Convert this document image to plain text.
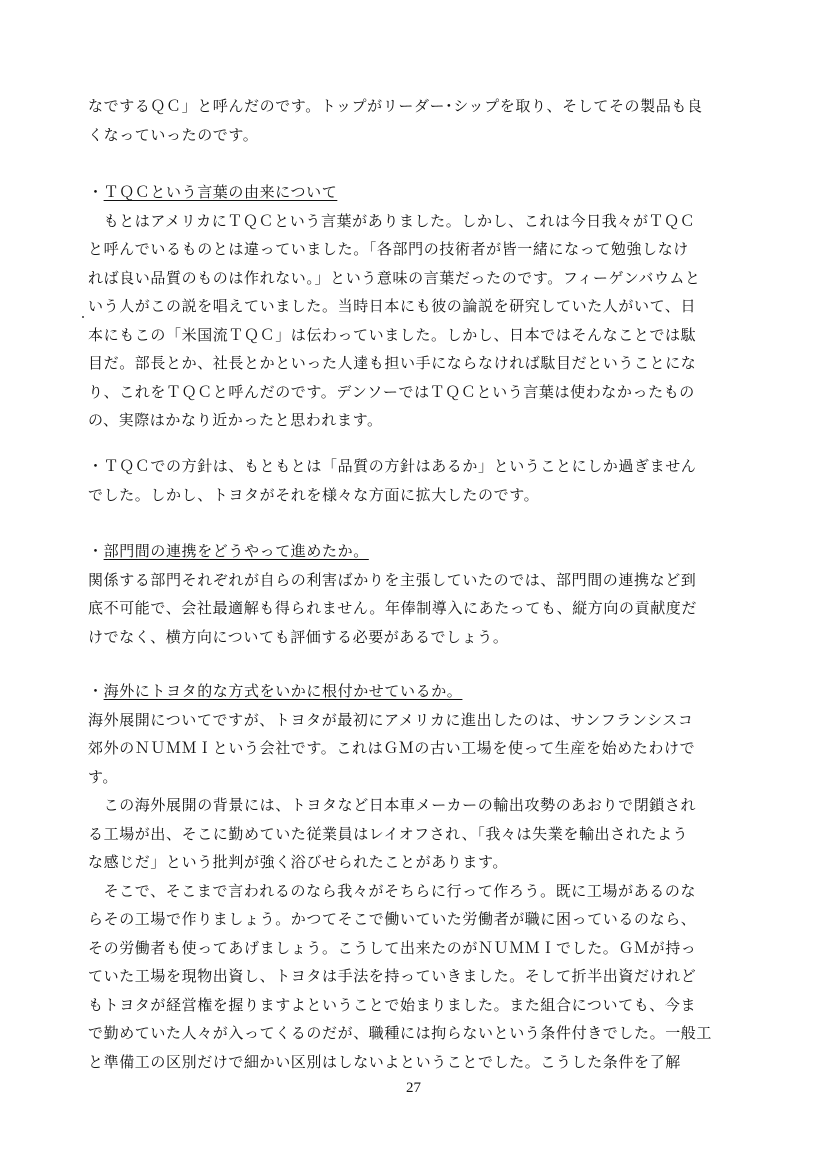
なでするＱＣ」と呼んだのです。トップがリーダー･シップを取り、そしてその製品も良
くなっていったのです。
・ＴＱＣという言葉の由来について
　もとはアメリカにＴＱＣという言葉がありました。しかし、これは今日我々がＴＱＣ
と呼んでいるものとは違っていました。「各部門の技術者が皆一緒になって勉強しなけ
れば良い品質のものは作れない。」という意味の言葉だったのです。フィーゲンバウムと
いう人がこの説を唱えていました。当時日本にも彼の論説を研究していた人がいて、日
本にもこの「米国流ＴＱＣ」は伝わっていました。しかし、日本ではそんなことでは駄
目だ。部長とか、社長とかといった人達も担い手にならなければ駄目だということにな
り、これをＴＱＣと呼んだのです。デンソーではＴＱＣという言葉は使わなかったもの
の、実際はかなり近かったと思われます。
・ＴＱＣでの方針は、もともとは「品質の方針はあるか」ということにしか過ぎません
でした。しかし、トヨタがそれを様々な方面に拡大したのです。
・部門間の連携をどうやって進めたか。
関係する部門それぞれが自らの利害ばかりを主張していたのでは、部門間の連携など到
底不可能で、会社最適解も得られません。年俸制導入にあたっても、縦方向の貢献度だ
けでなく、横方向についても評価する必要があるでしょう。
・海外にトヨタ的な方式をいかに根付かせているか。
海外展開についてですが、トヨタが最初にアメリカに進出したのは、サンフランシスコ
郊外のＮＵＭＭＩという会社です。これはＧＭの古い工場を使って生産を始めたわけで
す。
　この海外展開の背景には、トヨタなど日本車メーカーの輸出攻勢のあおりで閉鎖され
る工場が出、そこに勤めていた従業員はレイオフされ、「我々は失業を輸出されたよう
な感じだ」という批判が強く浴びせられたことがあります。
　そこで、そこまで言われるのなら我々がそちらに行って作ろう。既に工場があるのな
らその工場で作りましょう。かつてそこで働いていた労働者が職に困っているのなら、
その労働者も使ってあげましょう。こうして出来たのがＮＵＭＭＩでした。ＧＭが持っ
ていた工場を現物出資し、トヨタは手法を持っていきました。そして折半出資だけれど
もトヨタが経営権を握りますよということで始まりました。また組合についても、今ま
で勤めていた人々が入ってくるのだが、職種には拘らないという条件付きでした。一般工
と準備工の区別だけで細かい区別はしないよということでした。こうした条件を了解
27
